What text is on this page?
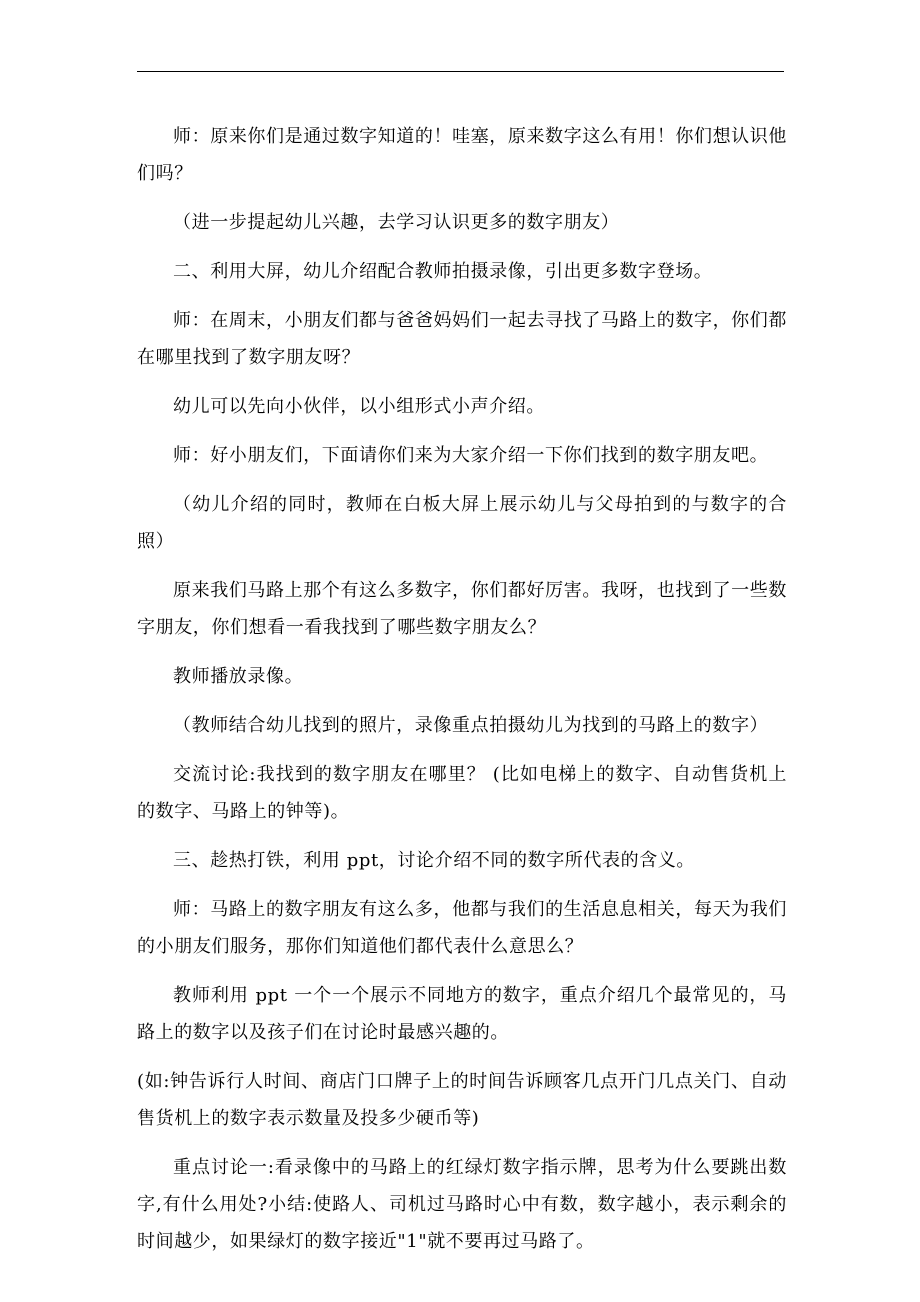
师：原来你们是通过数字知道的！哇塞，原来数字这么有用！你们想认识他们吗？

（进一步提起幼儿兴趣，去学习认识更多的数字朋友）

二、利用大屏，幼儿介绍配合教师拍摄录像，引出更多数字登场。

师：在周末，小朋友们都与爸爸妈妈们一起去寻找了马路上的数字，你们都在哪里找到了数字朋友呀？

幼儿可以先向小伙伴，以小组形式小声介绍。

师：好小朋友们，下面请你们来为大家介绍一下你们找到的数字朋友吧。

（幼儿介绍的同时，教师在白板大屏上展示幼儿与父母拍到的与数字的合照）

原来我们马路上那个有这么多数字，你们都好厉害。我呀，也找到了一些数字朋友，你们想看一看我找到了哪些数字朋友么？

教师播放录像。

（教师结合幼儿找到的照片，录像重点拍摄幼儿为找到的马路上的数字）

交流讨论:我找到的数字朋友在哪里？ (比如电梯上的数字、自动售货机上的数字、马路上的钟等)。

三、趁热打铁，利用 ppt，讨论介绍不同的数字所代表的含义。

师：马路上的数字朋友有这么多，他都与我们的生活息息相关，每天为我们的小朋友们服务，那你们知道他们都代表什么意思么？

教师利用 ppt 一个一个展示不同地方的数字，重点介绍几个最常见的，马路上的数字以及孩子们在讨论时最感兴趣的。

(如:钟告诉行人时间、商店门口牌子上的时间告诉顾客几点开门几点关门、自动售货机上的数字表示数量及投多少硬币等)

重点讨论一:看录像中的马路上的红绿灯数字指示牌，思考为什么要跳出数字,有什么用处?小结:使路人、司机过马路时心中有数，数字越小，表示剩余的时间越少，如果绿灯的数字接近"1"就不要再过马路了。
